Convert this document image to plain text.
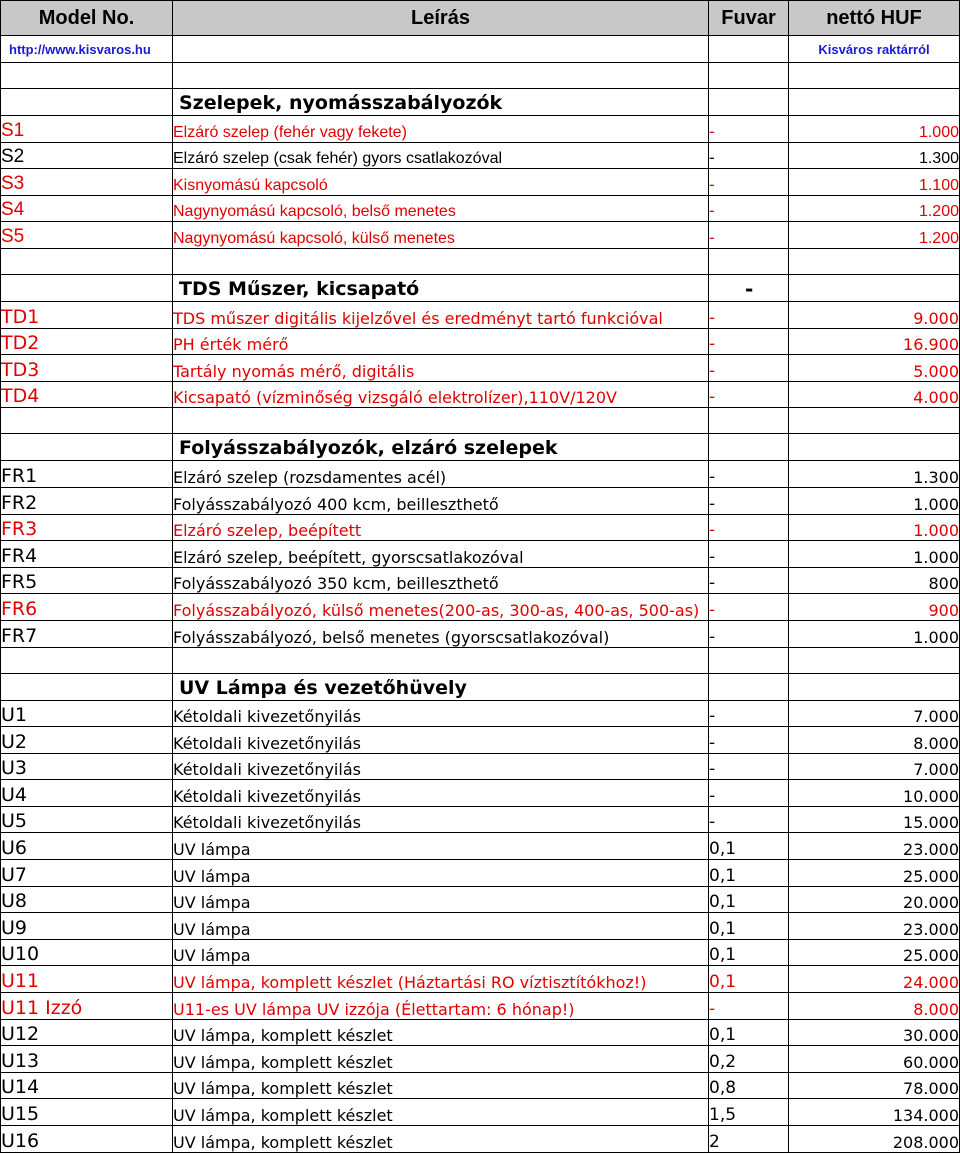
Model No.	Leírás	Fuvar	nettó HUF
http://www.kisvaros.hu			Kisváros raktárról

	Szelepek, nyomásszabályozók		
S1	Elzáró szelep (fehér vagy fekete)	-	1.000
S2	Elzáró szelep (csak fehér) gyors csatlakozóval	-	1.300
S3	Kisnyomású kapcsoló	-	1.100
S4	Nagynyomású kapcsoló, belső menetes	-	1.200
S5	Nagynyomású kapcsoló, külső menetes	-	1.200

	TDS Műszer, kicsapató	-	
TD1	TDS műszer digitális kijelzővel és eredményt tartó funkcióval	-	9.000
TD2	PH érték mérő	-	16.900
TD3	Tartály nyomás mérő, digitális	-	5.000
TD4	Kicsapató (vízminőség vizsgáló elektrolízer),110V/120V	-	4.000

	Folyásszabályozók, elzáró szelepek		
FR1	Elzáró szelep (rozsdamentes acél)	-	1.300
FR2	Folyásszabályozó 400 kcm, beilleszthető	-	1.000
FR3	Elzáró szelep, beépített	-	1.000
FR4	Elzáró szelep, beépített, gyorscsatlakozóval	-	1.000
FR5	Folyásszabályozó 350 kcm, beilleszthető	-	800
FR6	Folyásszabályozó, külső menetes(200-as, 300-as, 400-as, 500-as)	-	900
FR7	Folyásszabályozó, belső menetes (gyorscsatlakozóval)	-	1.000

	UV Lámpa és vezetőhüvely		
U1	Kétoldali kivezetőnyilás	-	7.000
U2	Kétoldali kivezetőnyilás	-	8.000
U3	Kétoldali kivezetőnyilás	-	7.000
U4	Kétoldali kivezetőnyilás	-	10.000
U5	Kétoldali kivezetőnyilás	-	15.000
U6	UV lámpa	0,1	23.000
U7	UV lámpa	0,1	25.000
U8	UV lámpa	0,1	20.000
U9	UV lámpa	0,1	23.000
U10	UV lámpa	0,1	25.000
U11	UV lámpa, komplett készlet (Háztartási RO víztisztítókhoz!)	0,1	24.000
U11 Izzó	U11-es UV lámpa UV izzója (Élettartam: 6 hónap!)	-	8.000
U12	UV lámpa, komplett készlet	0,1	30.000
U13	UV lámpa, komplett készlet	0,2	60.000
U14	UV lámpa, komplett készlet	0,8	78.000
U15	UV lámpa, komplett készlet	1,5	134.000
U16	UV lámpa, komplett készlet	2	208.000
